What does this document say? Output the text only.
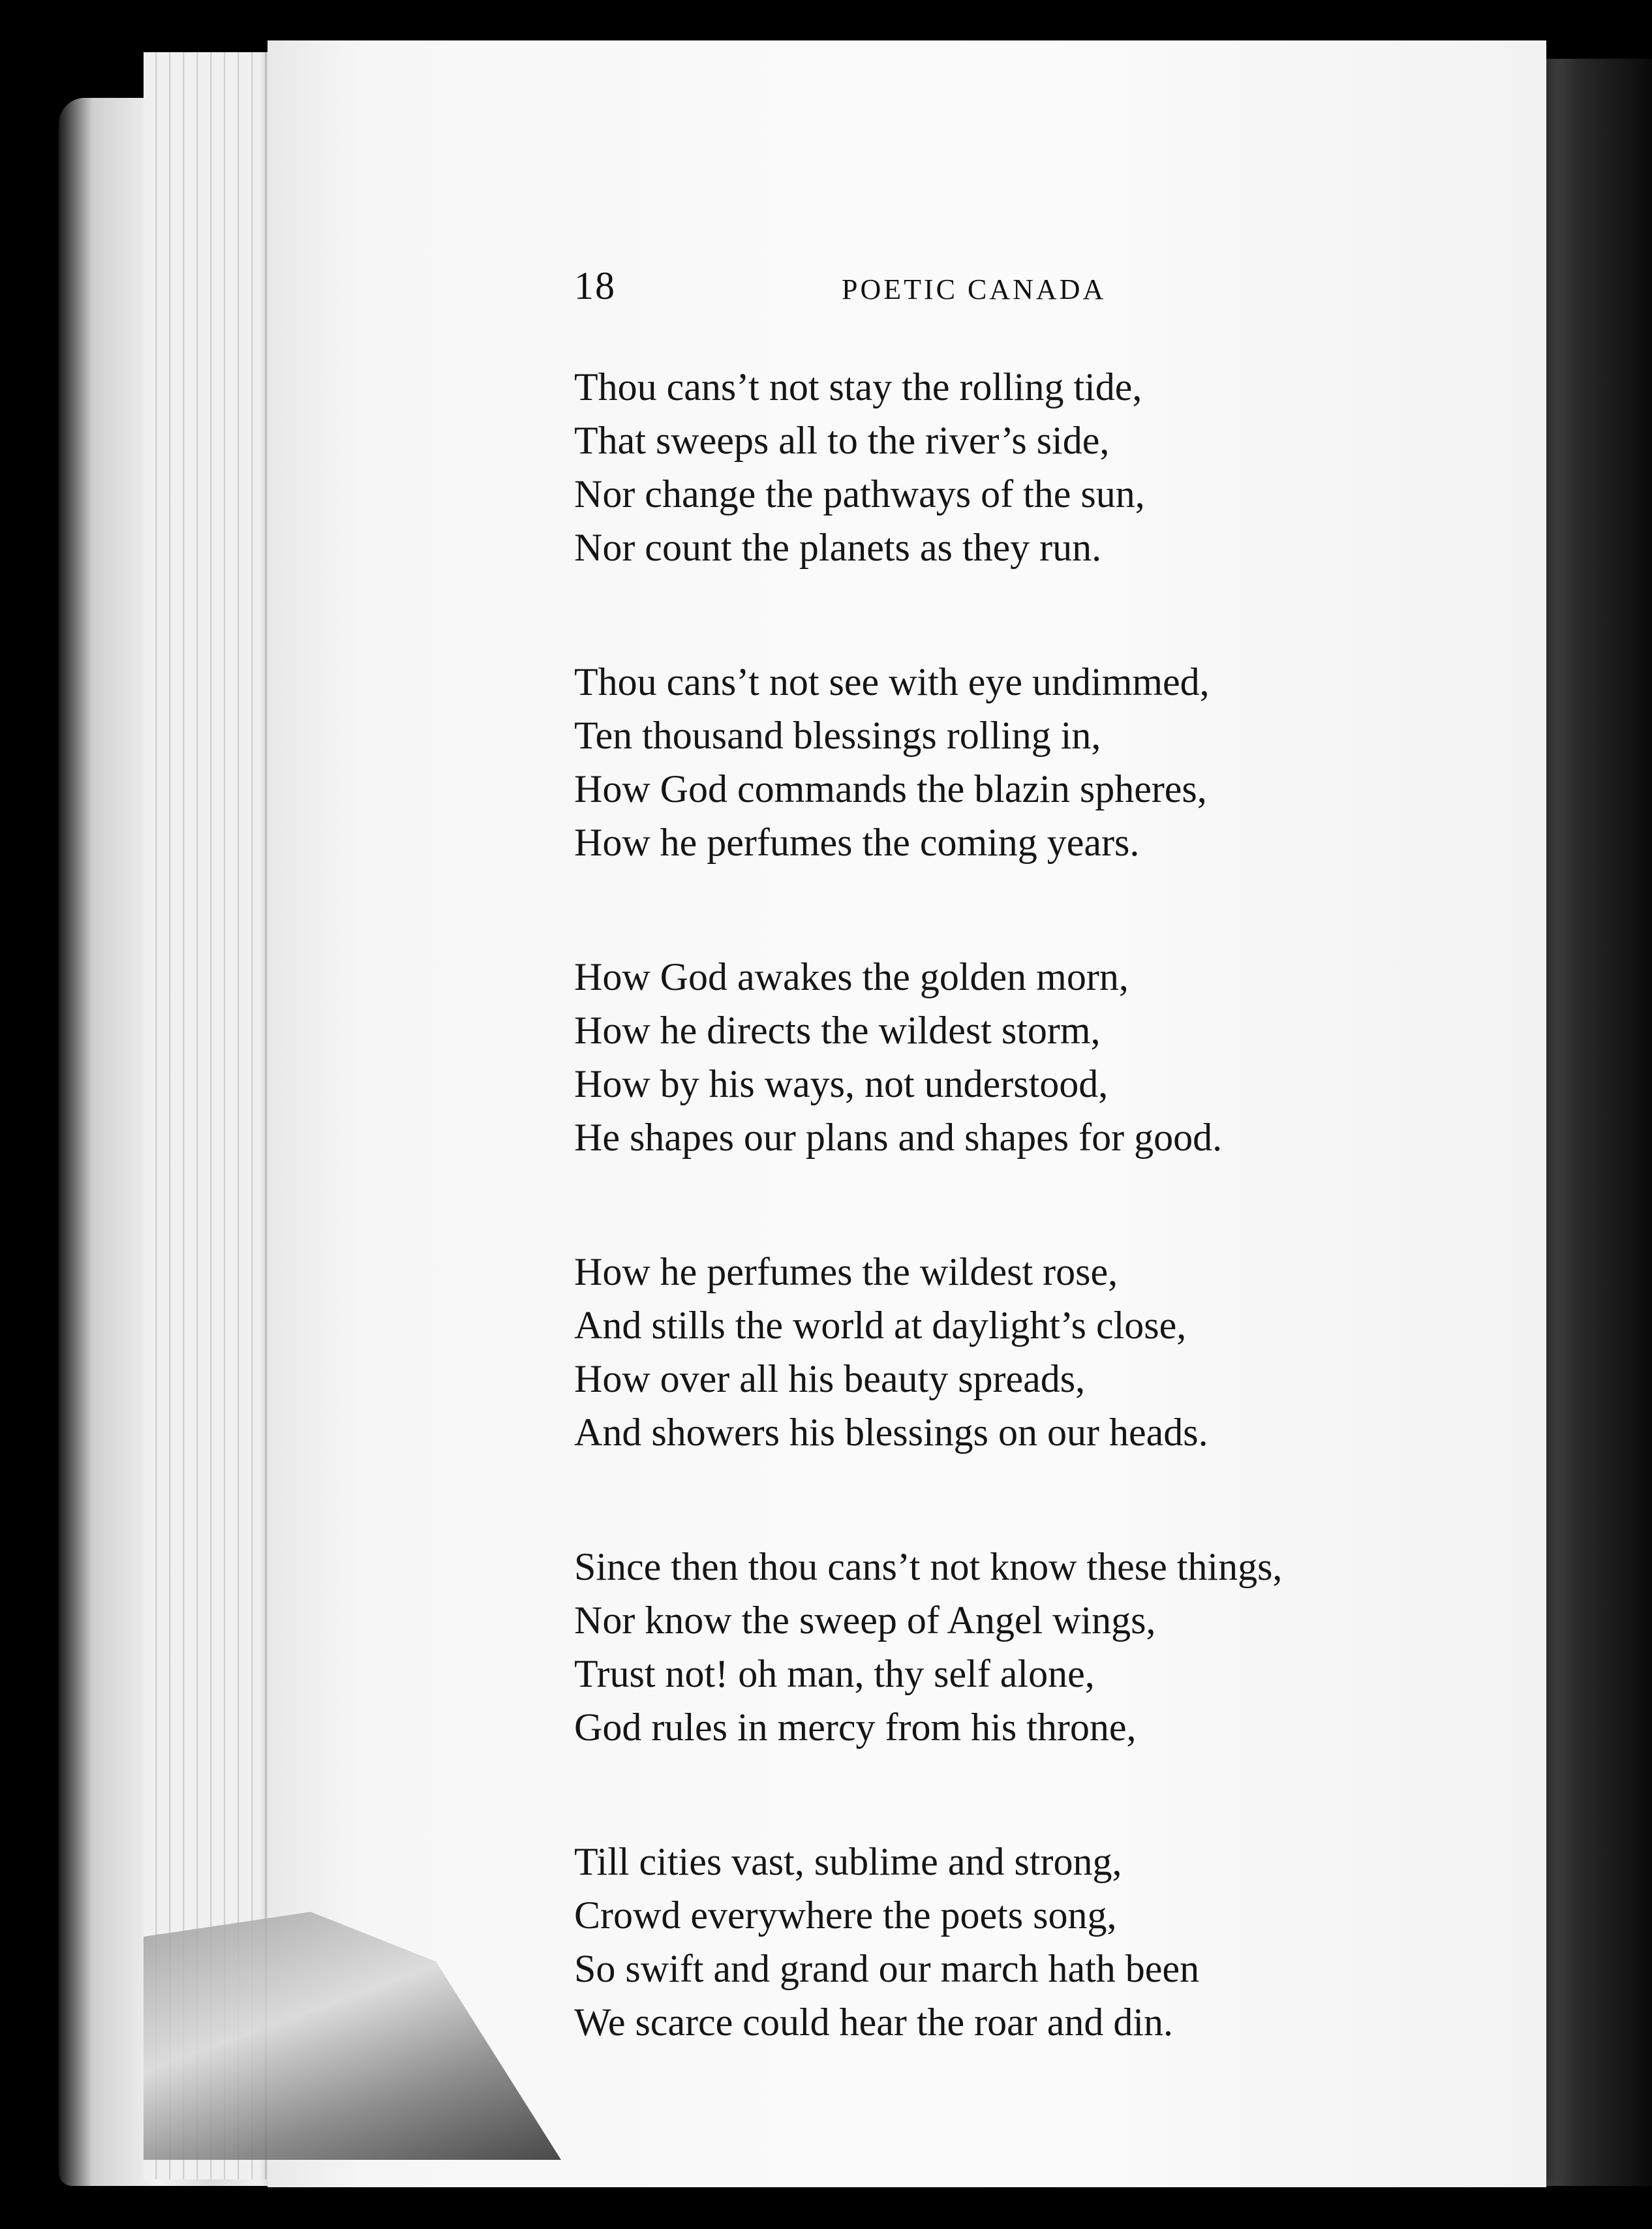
18	POETIC CANADA
Thou cans’t not stay the rolling tide,
That sweeps all to the river’s side,
Nor change the pathways of the sun,
Nor count the planets as they run.
Thou cans’t not see with eye undimmed,
Ten thousand blessings rolling in,
How God commands the blazin spheres,
How he perfumes the coming years.
How God awakes the golden morn,
How he directs the wildest storm,
How by his ways, not understood,
He shapes our plans and shapes for good.
How he perfumes the wildest rose,
And stills the world at daylight’s close,
How over all his beauty spreads,
And showers his blessings on our heads.
Since then thou cans’t not know these things,
Nor know the sweep of Angel wings,
Trust not! oh man, thy self alone,
God rules in mercy from his throne,
Till cities vast, sublime and strong,
Crowd everywhere the poets song,
So swift and grand our march hath been
We scarce could hear the roar and din.
